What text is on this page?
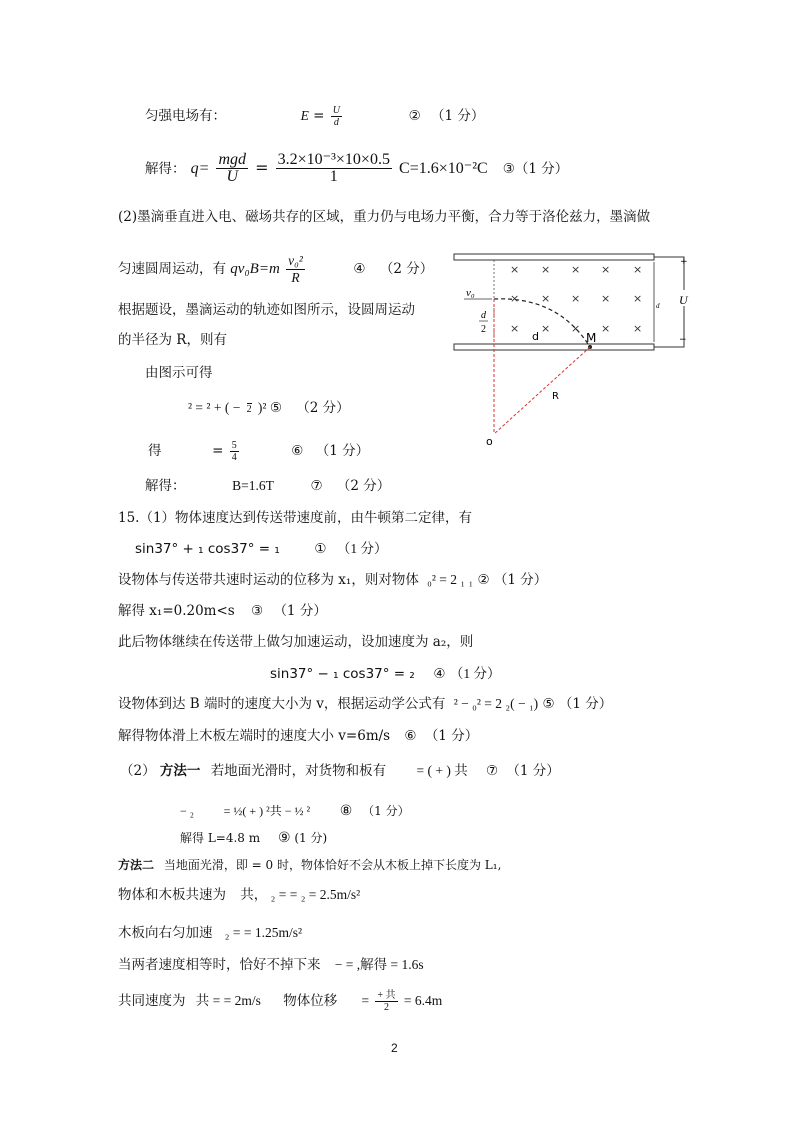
匀强电场有：	$E = \frac{U}{d}$	② （1 分）
解得： $q= \frac{\text{mgd}}{U} = \frac{\text{3.2×10⁻³×10×0.5}}{1} C=1.6\times 10^{-2}C$ ③（1 分）
(2)墨滴垂直进入电、磁场共存的区域，重力仍与电场力平衡，合力等于洛伦兹力，墨滴做
匀速圆周运动，有 $qv_0B=m \frac{\text{v₀²}}{R}$	④ （2 分）
根据题设，墨滴运动的轨迹如图所示，设圆周运动
的半径为 R，则有
由图示可得
² = ² + ( − 2 )² ⑤ （2 分）
得	= $\frac{5}{4}$	⑥ （1 分）
解得：	B=1.6T	⑦ （2 分）
15.（1）物体速度达到传送带速度前，由牛顿第二定律，有
sin37° + ₁ cos37° = ₁	① （1 分）
设物体与传送带共速时运动的位移为 x₁，则对物体 ₀² = 2 ₁ ₁ ② （1 分）
解得 x₁=0.20m<s ③ （1 分）
此后物体继续在传送带上做匀加速运动，设加速度为 a₂，则
sin37° − ₁ cos37° = ₂ ④ （1 分）
设物体到达 B 端时的速度大小为 v，根据运动学公式有 ² − ₀² = 2 ₂( − ₁) ⑤ （1 分）
解得物体滑上木板左端时的速度大小 v=6m/s ⑥ （1 分）
（2） 方法一 若地面光滑时，对货物和板有 = ( + ) 共 ⑦ （1 分）
− ₂ = ½( + ) ²共 − ½ ² ⑧ （1 分）
解得 L=4.8 m ⑨ (1 分)
方法二 当地面光滑，即 = 0 时，物体恰好不会从木板上掉下长度为 L₁,
物体和木板共速为 共， ₂ = = ₂ = 2.5m/s²
木板向右匀加速 ₂ = = 1.25m/s²
当两者速度相等时，恰好不掉下来 − = ,解得 = 1.6s
共同速度为 共 = = 2m/s 物体位移 = $\frac{\text{+ 共}}{2} = 6.4m$
+
−
U
d
× × × × ×
× × × × ×
× × × × ×
v₀
d
2
d	M
R
o
2
